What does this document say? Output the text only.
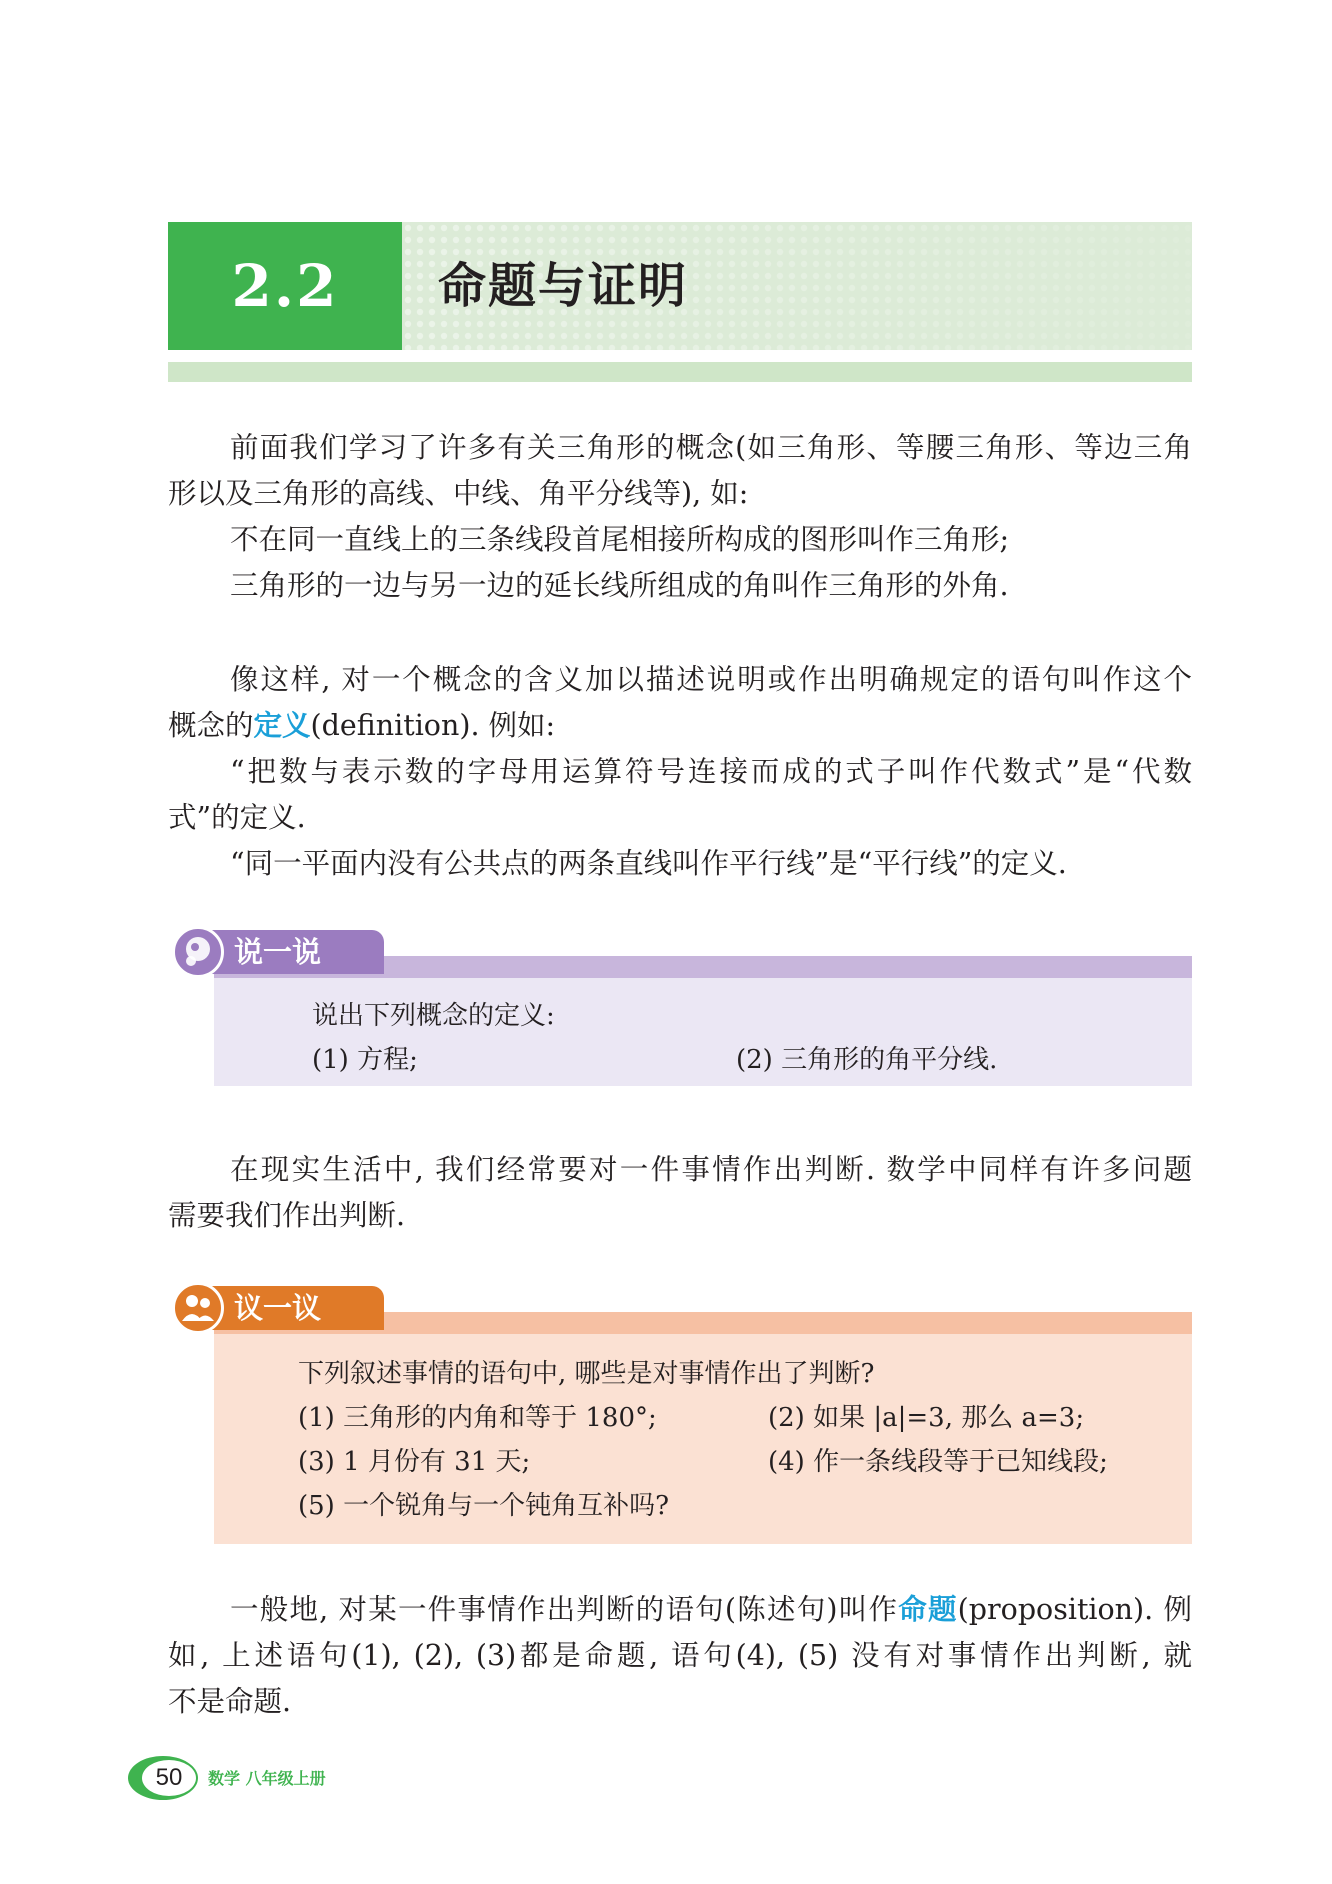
2.2	命题与证明
前面我们学习了许多有关三角形的概念(如三角形、等腰三角形、等边三角
形以及三角形的高线、中线、角平分线等), 如:
不在同一直线上的三条线段首尾相接所构成的图形叫作三角形;
三角形的一边与另一边的延长线所组成的角叫作三角形的外角.
像这样, 对一个概念的含义加以描述说明或作出明确规定的语句叫作这个
概念的定义(definition). 例如:
“把数与表示数的字母用运算符号连接而成的式子叫作代数式”是“代数
式”的定义.
“同一平面内没有公共点的两条直线叫作平行线”是“平行线”的定义.
说一说
说出下列概念的定义:
(1) 方程;	(2) 三角形的角平分线.
在现实生活中, 我们经常要对一件事情作出判断. 数学中同样有许多问题
需要我们作出判断.
议一议
下列叙述事情的语句中, 哪些是对事情作出了判断?
(1) 三角形的内角和等于 180°;	(2) 如果 |a|=3, 那么 a=3;
(3) 1 月份有 31 天;	(4) 作一条线段等于已知线段;
(5) 一个锐角与一个钝角互补吗?
一般地, 对某一件事情作出判断的语句(陈述句)叫作命题(proposition). 例
如, 上述语句(1), (2), (3)都是命题, 语句(4), (5) 没有对事情作出判断, 就
不是命题.
50	数学 八年级上册
